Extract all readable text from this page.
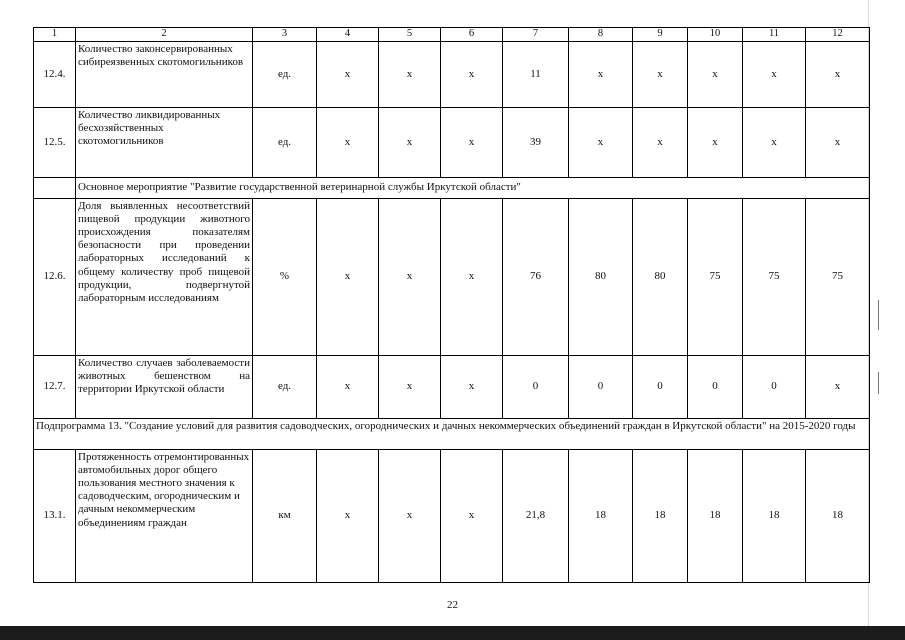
1	2	3	4	5	6	7	8	9	10	11	12
12.4.	Количество законсервированных сибиреязвенных скотомогильников	ед.	x	x	x	11	x	x	x	x	x
12.5.	Количество ликвидированных бесхозяйственных скотомогильников	ед.	x	x	x	39	x	x	x	x	x
	Основное мероприятие "Развитие государственной ветеринарной службы Иркутской области"										
12.6.	Доля выявленных несоответствий пищевой продукции животного происхождения показателям безопасности при проведении лабораторных исследований к общему количеству проб пищевой продукции, подвергнутой лабораторным исследованиям	%	x	x	x	76	80	80	75	75	75
12.7.	Количество случаев заболеваемости животных бешенством на территории Иркутской области	ед.	x	x	x	0	0	0	0	0	x
Подпрограмма 13. "Создание условий для развития садоводческих, огороднических и дачных некоммерческих объединений граждан в Иркутской области" на 2015-2020 годы											
13.1.	Протяженность отремонтированных автомобильных дорог общего пользования местного значения к садоводческим, огородническим и дачным некоммерческим объединениям граждан	км	x	x	x	21,8	18	18	18	18	18
22
